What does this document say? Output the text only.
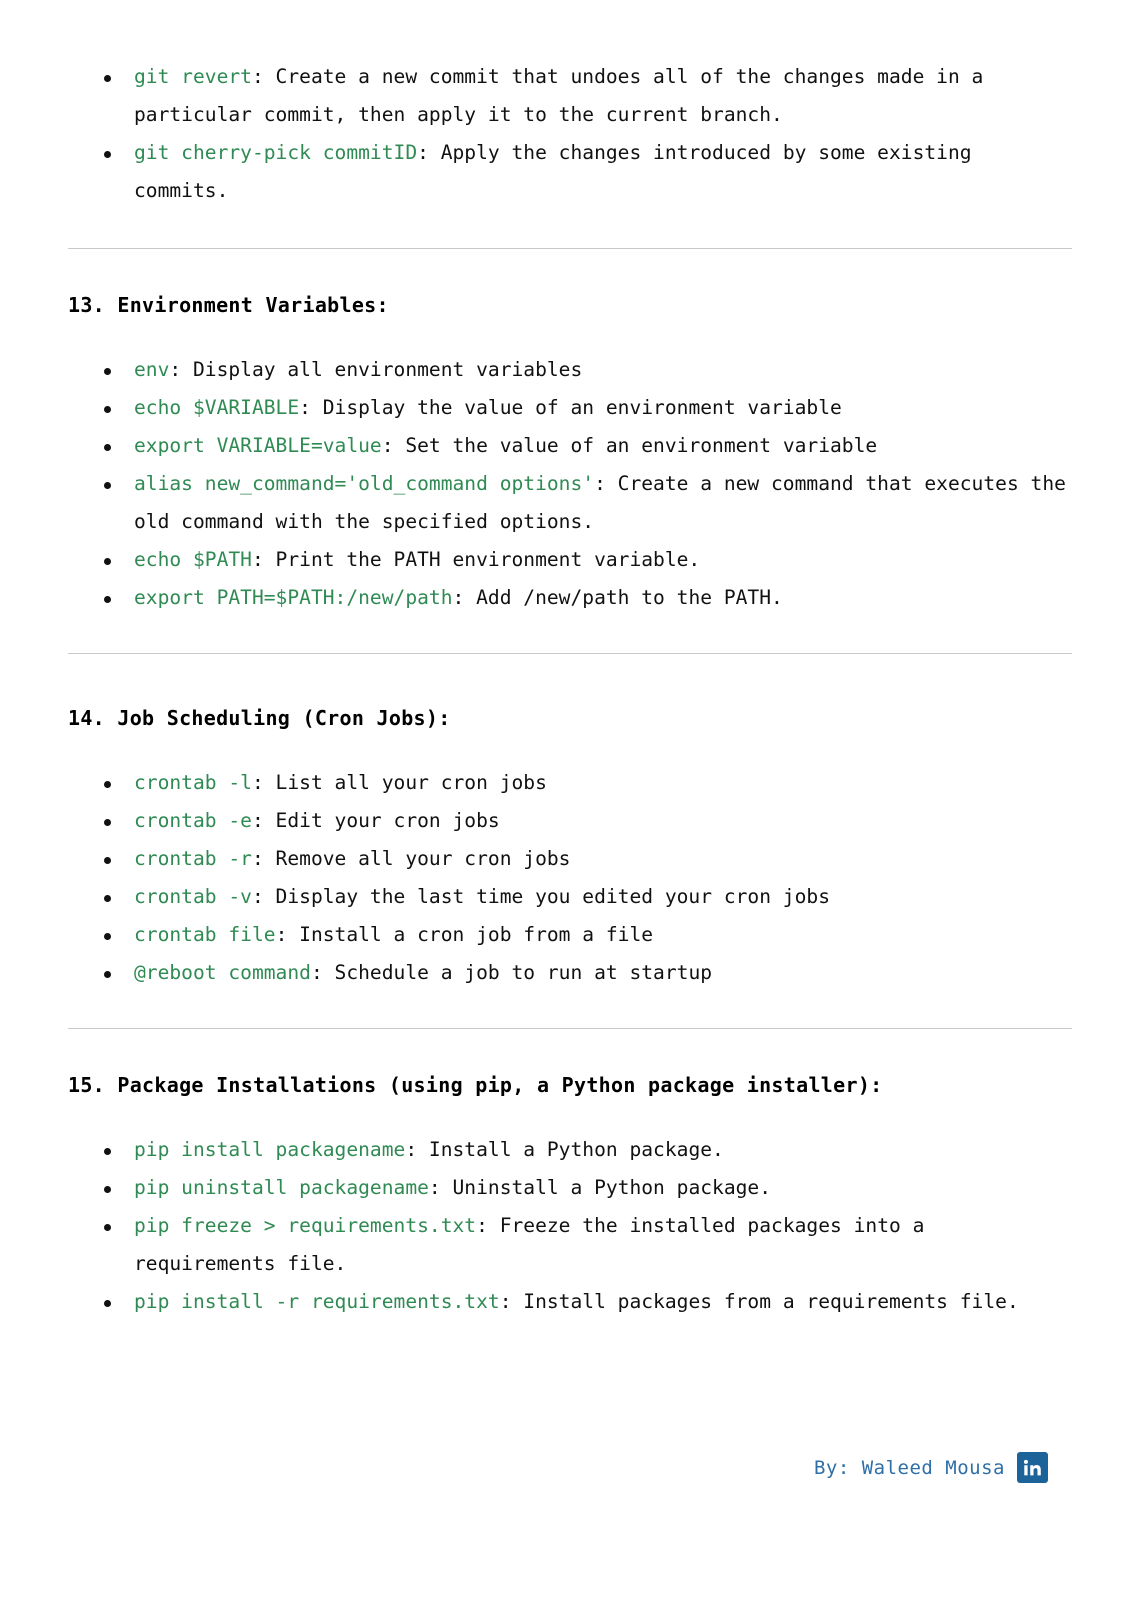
git revert: Create a new commit that undoes all of the changes made in a particular commit, then apply it to the current branch.
git cherry-pick commitID: Apply the changes introduced by some existing commits.
13. Environment Variables:
env: Display all environment variables
echo $VARIABLE: Display the value of an environment variable
export VARIABLE=value: Set the value of an environment variable
alias new_command='old_command options': Create a new command that executes the old command with the specified options.
echo $PATH: Print the PATH environment variable.
export PATH=$PATH:/new/path: Add /new/path to the PATH.
14. Job Scheduling (Cron Jobs):
crontab -l: List all your cron jobs
crontab -e: Edit your cron jobs
crontab -r: Remove all your cron jobs
crontab -v: Display the last time you edited your cron jobs
crontab file: Install a cron job from a file
@reboot command: Schedule a job to run at startup
15. Package Installations (using pip, a Python package installer):
pip install packagename: Install a Python package.
pip uninstall packagename: Uninstall a Python package.
pip freeze > requirements.txt: Freeze the installed packages into a requirements file.
pip install -r requirements.txt: Install packages from a requirements file.
By: Waleed Mousa
